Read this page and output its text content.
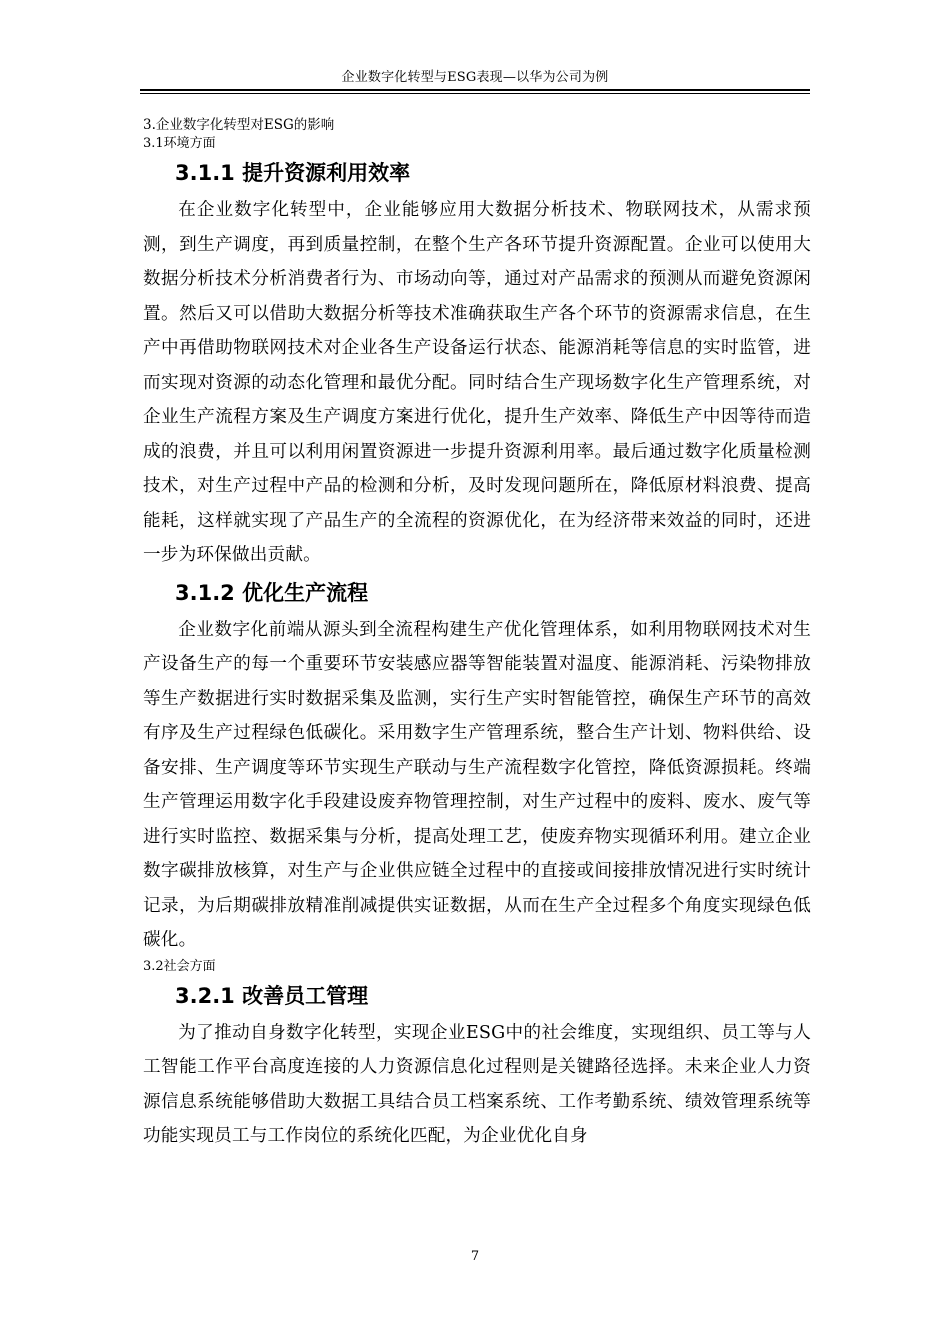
企业数字化转型与ESG表现—以华为公司为例

3.企业数字化转型对ESG的影响

3.1环境方面

3.1.1 提升资源利用效率

在企业数字化转型中，企业能够应用大数据分析技术、物联网技术，从需求预测，到生产调度，再到质量控制，在整个生产各环节提升资源配置。企业可以使用大数据分析技术分析消费者行为、市场动向等，通过对产品需求的预测从而避免资源闲置。然后又可以借助大数据分析等技术准确获取生产各个环节的资源需求信息，在生产中再借助物联网技术对企业各生产设备运行状态、能源消耗等信息的实时监管，进而实现对资源的动态化管理和最优分配。同时结合生产现场数字化生产管理系统，对企业生产流程方案及生产调度方案进行优化，提升生产效率、降低生产中因等待而造成的浪费，并且可以利用闲置资源进一步提升资源利用率。最后通过数字化质量检测技术，对生产过程中产品的检测和分析，及时发现问题所在，降低原材料浪费、提高能耗，这样就实现了产品生产的全流程的资源优化，在为经济带来效益的同时，还进一步为环保做出贡献。

3.1.2 优化生产流程

企业数字化前端从源头到全流程构建生产优化管理体系，如利用物联网技术对生产设备生产的每一个重要环节安装感应器等智能装置对温度、能源消耗、污染物排放等生产数据进行实时数据采集及监测，实行生产实时智能管控，确保生产环节的高效有序及生产过程绿色低碳化。采用数字生产管理系统，整合生产计划、物料供给、设备安排、生产调度等环节实现生产联动与生产流程数字化管控，降低资源损耗。终端生产管理运用数字化手段建设废弃物管理控制，对生产过程中的废料、废水、废气等进行实时监控、数据采集与分析，提高处理工艺，使废弃物实现循环利用。建立企业数字碳排放核算，对生产与企业供应链全过程中的直接或间接排放情况进行实时统计记录，为后期碳排放精准削减提供实证数据，从而在生产全过程多个角度实现绿色低碳化。

3.2社会方面

3.2.1 改善员工管理

为了推动自身数字化转型，实现企业ESG中的社会维度，实现组织、员工等与人工智能工作平台高度连接的人力资源信息化过程则是关键路径选择。未来企业人力资源信息系统能够借助大数据工具结合员工档案系统、工作考勤系统、绩效管理系统等功能实现员工与工作岗位的系统化匹配，为企业优化自身

7
